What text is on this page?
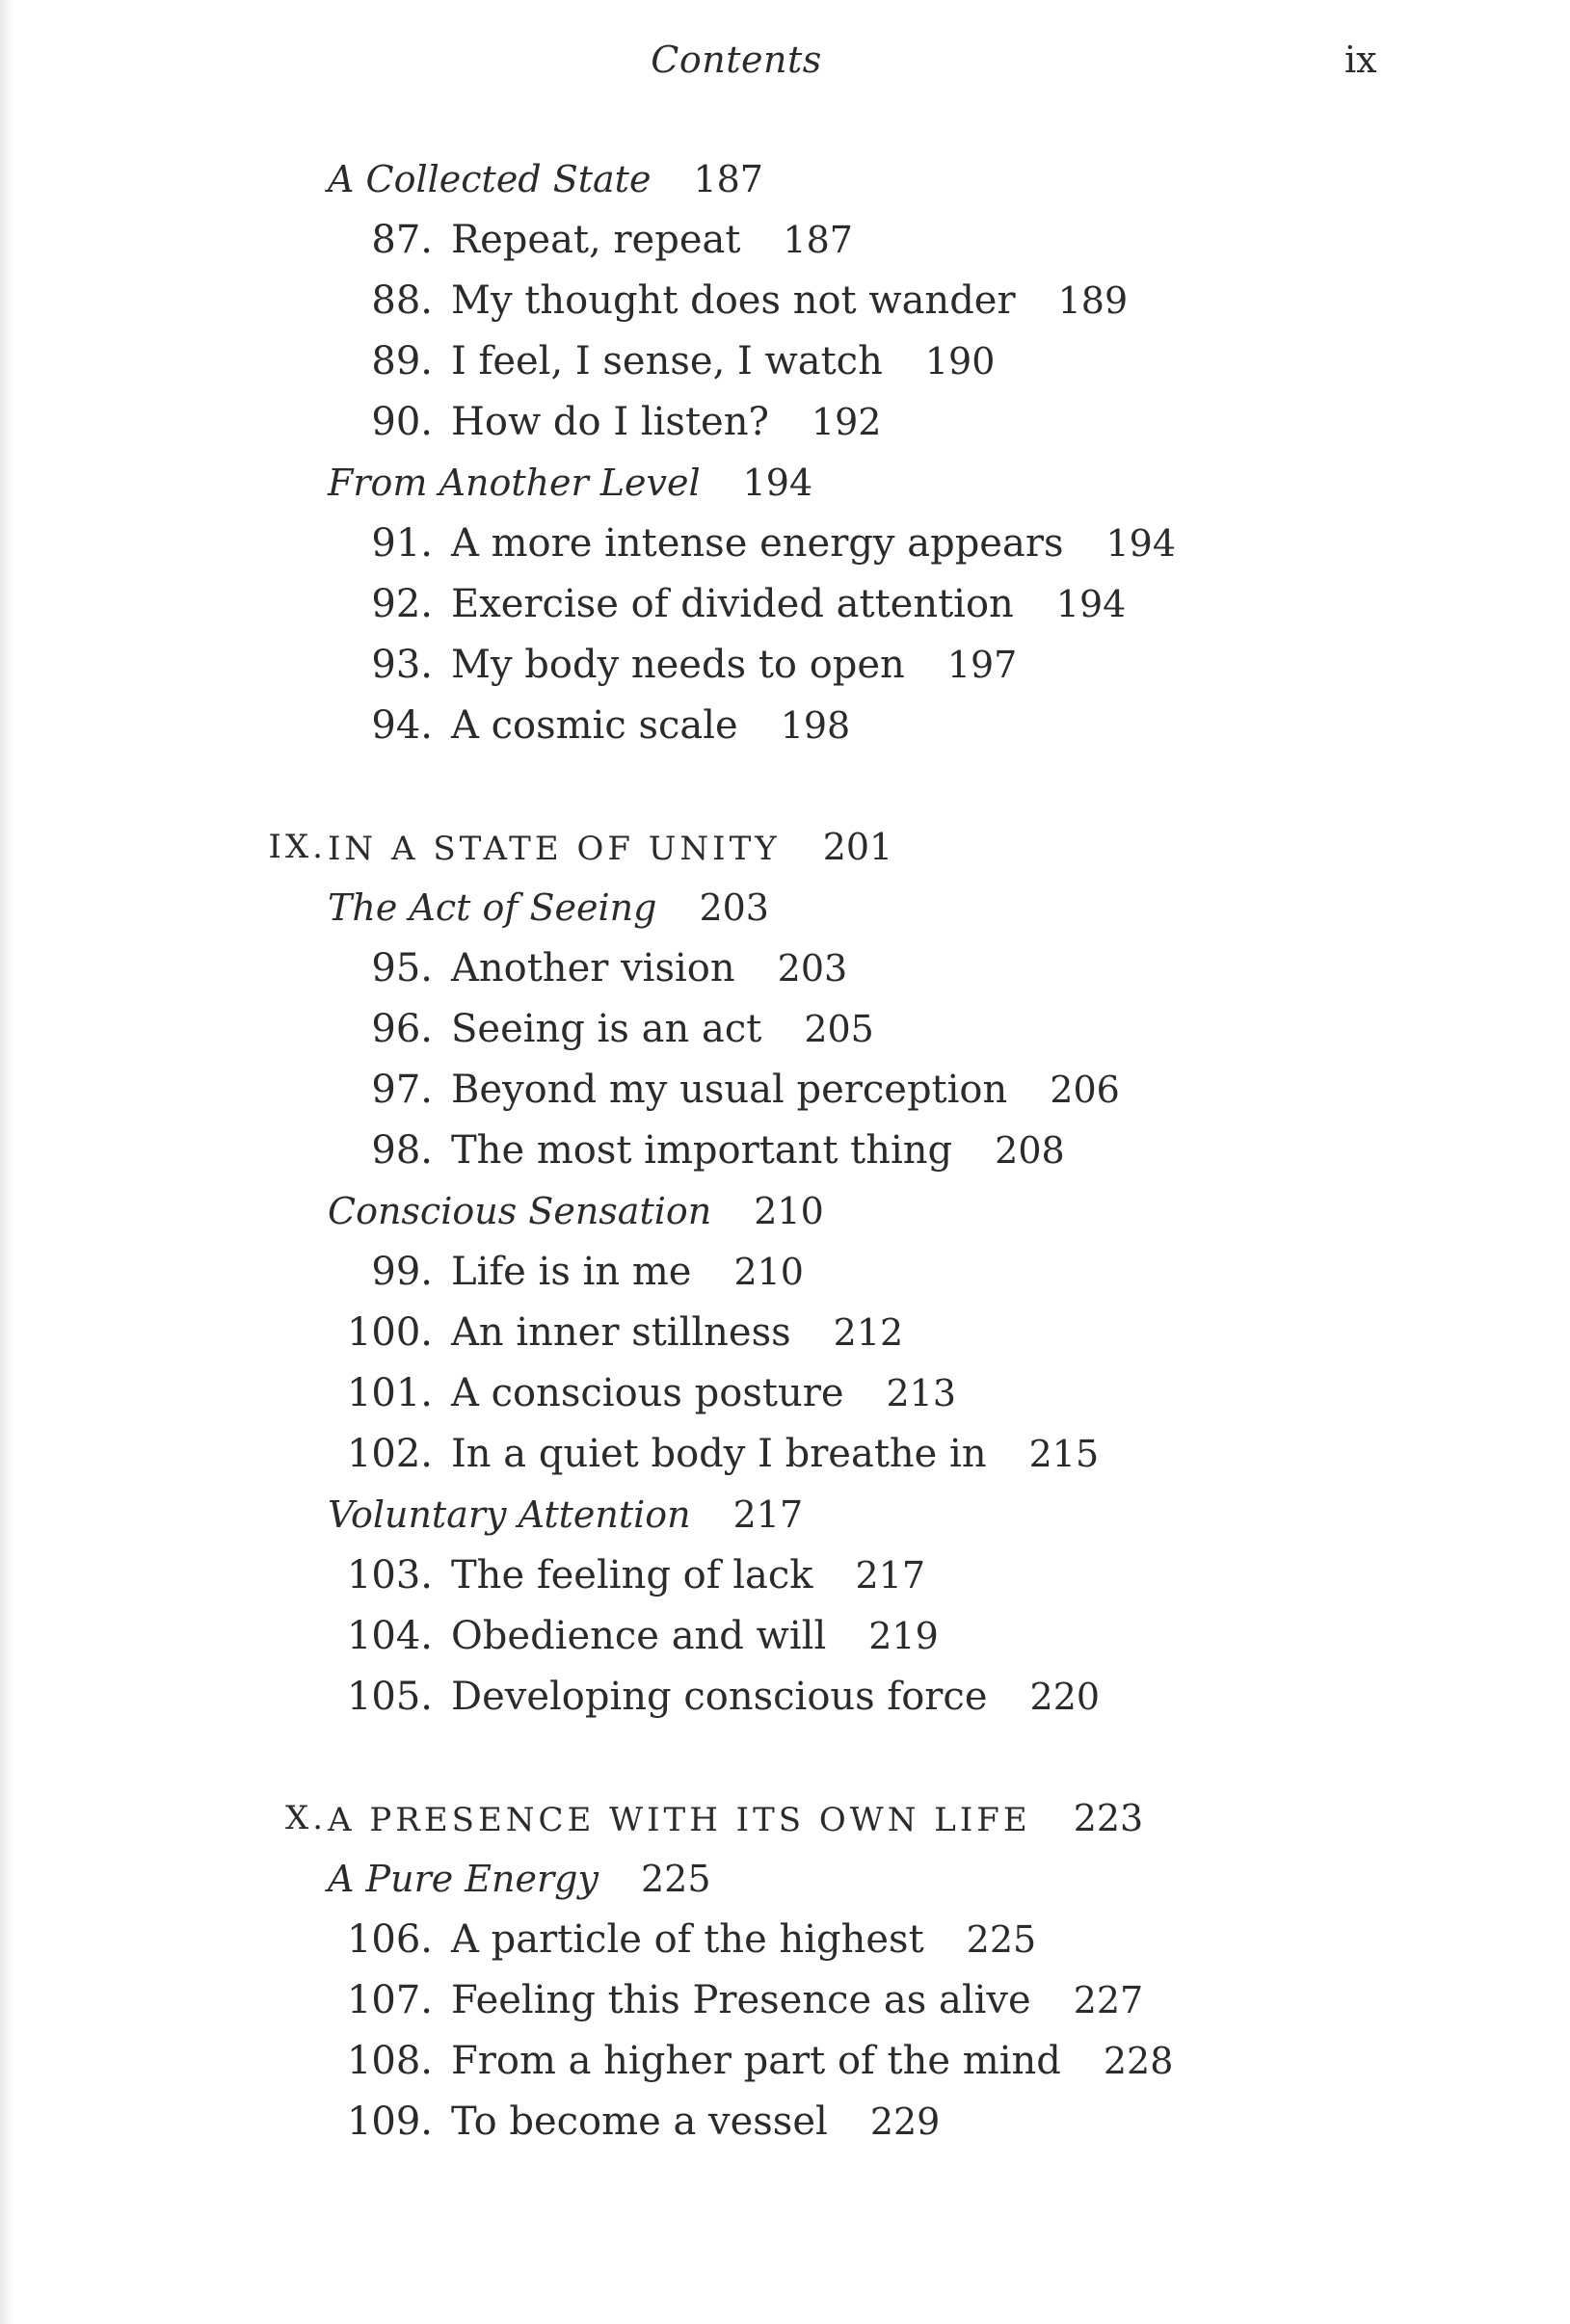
Contents	ix
A Collected State 187
87. Repeat, repeat 187
88. My thought does not wander 189
89. I feel, I sense, I watch 190
90. How do I listen? 192
From Another Level 194
91. A more intense energy appears 194
92. Exercise of divided attention 194
93. My body needs to open 197
94. A cosmic scale 198
IX. IN A STATE OF UNITY 201
The Act of Seeing 203
95. Another vision 203
96. Seeing is an act 205
97. Beyond my usual perception 206
98. The most important thing 208
Conscious Sensation 210
99. Life is in me 210
100. An inner stillness 212
101. A conscious posture 213
102. In a quiet body I breathe in 215
Voluntary Attention 217
103. The feeling of lack 217
104. Obedience and will 219
105. Developing conscious force 220
X. A PRESENCE WITH ITS OWN LIFE 223
A Pure Energy 225
106. A particle of the highest 225
107. Feeling this Presence as alive 227
108. From a higher part of the mind 228
109. To become a vessel 229
